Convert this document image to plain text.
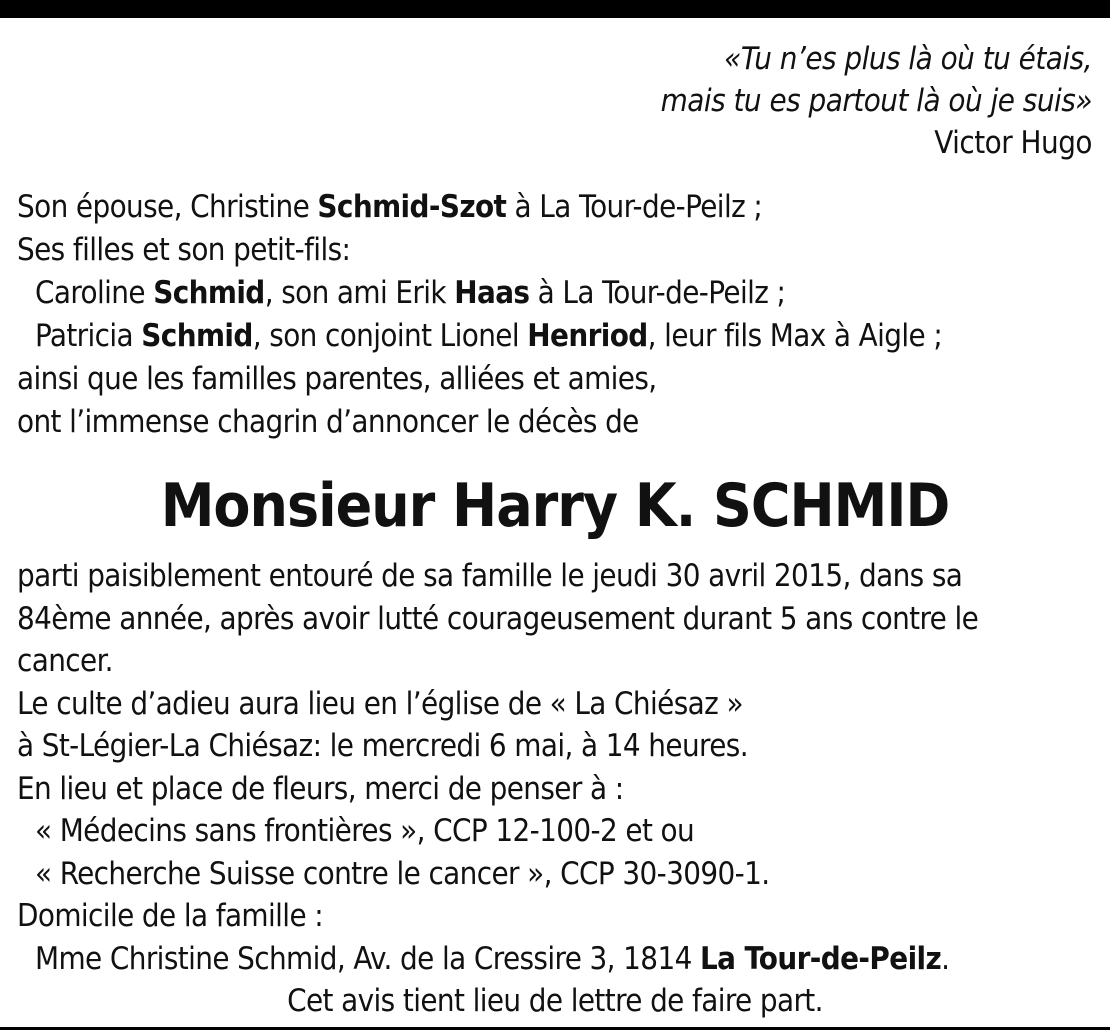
«Tu n’es plus là où tu étais,
mais tu es partout là où je suis»
Victor Hugo
Son épouse, Christine Schmid-Szot à La Tour-de-Peilz ;
Ses filles et son petit-fils:
Caroline Schmid, son ami Erik Haas à La Tour-de-Peilz ;
Patricia Schmid, son conjoint Lionel Henriod, leur fils Max à Aigle ;
ainsi que les familles parentes, alliées et amies,
ont l’immense chagrin d’annoncer le décès de
Monsieur Harry K. SCHMID
parti paisiblement entouré de sa famille le jeudi 30 avril 2015, dans sa
84ème année, après avoir lutté courageusement durant 5 ans contre le
cancer.
Le culte d’adieu aura lieu en l’église de « La Chiésaz »
à St-Légier-La Chiésaz: le mercredi 6 mai, à 14 heures.
En lieu et place de fleurs, merci de penser à :
« Médecins sans frontières », CCP 12-100-2 et ou
« Recherche Suisse contre le cancer », CCP 30-3090-1.
Domicile de la famille :
Mme Christine Schmid, Av. de la Cressire 3, 1814 La Tour-de-Peilz.
Cet avis tient lieu de lettre de faire part.
